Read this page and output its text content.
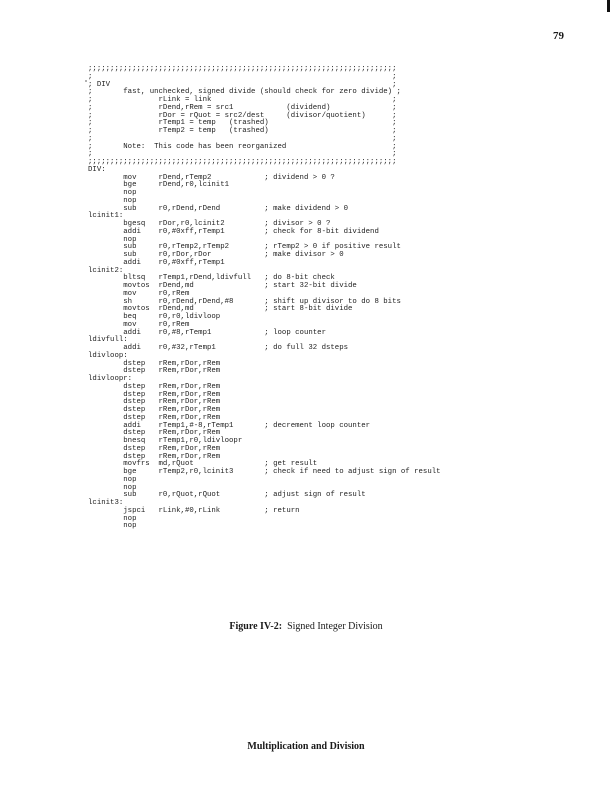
79
;;;;;;;;;;;;;;;;;;;;;;;;;;;;;;;;;;;;;;;;;;;;;;;;;;;;;;;;;;;;;;;;;;;;;;
;                                                                    ;
; DIV                                                                ;
;       fast, unchecked, signed divide (should check for zero divide) ;
;               rLink = link                                         ;
;               rDend,rRem = src1            (dividend)              ;
;               rDor = rQuot = src2/dest     (divisor/quotient)      ;
;               rTemp1 = temp   (trashed)                            ;
;               rTemp2 = temp   (trashed)                            ;
;                                                                    ;
;       Note:  This code has been reorganized                        ;
;                                                                    ;
;;;;;;;;;;;;;;;;;;;;;;;;;;;;;;;;;;;;;;;;;;;;;;;;;;;;;;;;;;;;;;;;;;;;;;
DIV:
mov     rDend,rTemp2            ; dividend > 0 ?
bge     rDend,r0,lcinit1
nop
nop
sub     r0,rDend,rDend          ; make dividend > 0
lcinit1:
bgesq   rDor,r0,lcinit2         ; divisor > 0 ?
addi    r0,#0xff,rTemp1         ; check for 8-bit dividend
nop
sub     r0,rTemp2,rTemp2        ; rTemp2 > 0 if positive result
sub     r0,rDor,rDor            ; make divisor > 0
addi    r0,#0xff,rTemp1
lcinit2:
bltsq   rTemp1,rDend,ldivfull   ; do 8-bit check
movtos  rDend,md                ; start 32-bit divide
mov     r0,rRem
sh      r0,rDend,rDend,#8       ; shift up divisor to do 8 bits
movtos  rDend,md                ; start 8-bit divide
beq     r0,r0,ldivloop
mov     r0,rRem
addi    r0,#8,rTemp1            ; loop counter
ldivfull:
addi    r0,#32,rTemp1           ; do full 32 dsteps
ldivloop:
dstep   rRem,rDor,rRem
dstep   rRem,rDor,rRem
ldivloopr:
dstep   rRem,rDor,rRem
dstep   rRem,rDor,rRem
dstep   rRem,rDor,rRem
dstep   rRem,rDor,rRem
dstep   rRem,rDor,rRem
addi    rTemp1,#-8,rTemp1       ; decrement loop counter
dstep   rRem,rDor,rRem
bnesq   rTemp1,r0,ldivloopr
dstep   rRem,rDor,rRem
dstep   rRem,rDor,rRem
movfrs  md,rQuot                ; get result
bge     rTemp2,r0,lcinit3       ; check if need to adjust sign of result
nop
nop
sub     r0,rQuot,rQuot          ; adjust sign of result
lcinit3:
jspci   rLink,#0,rLink          ; return
nop
nop
Figure IV-2: Signed Integer Division
Multiplication and Division
